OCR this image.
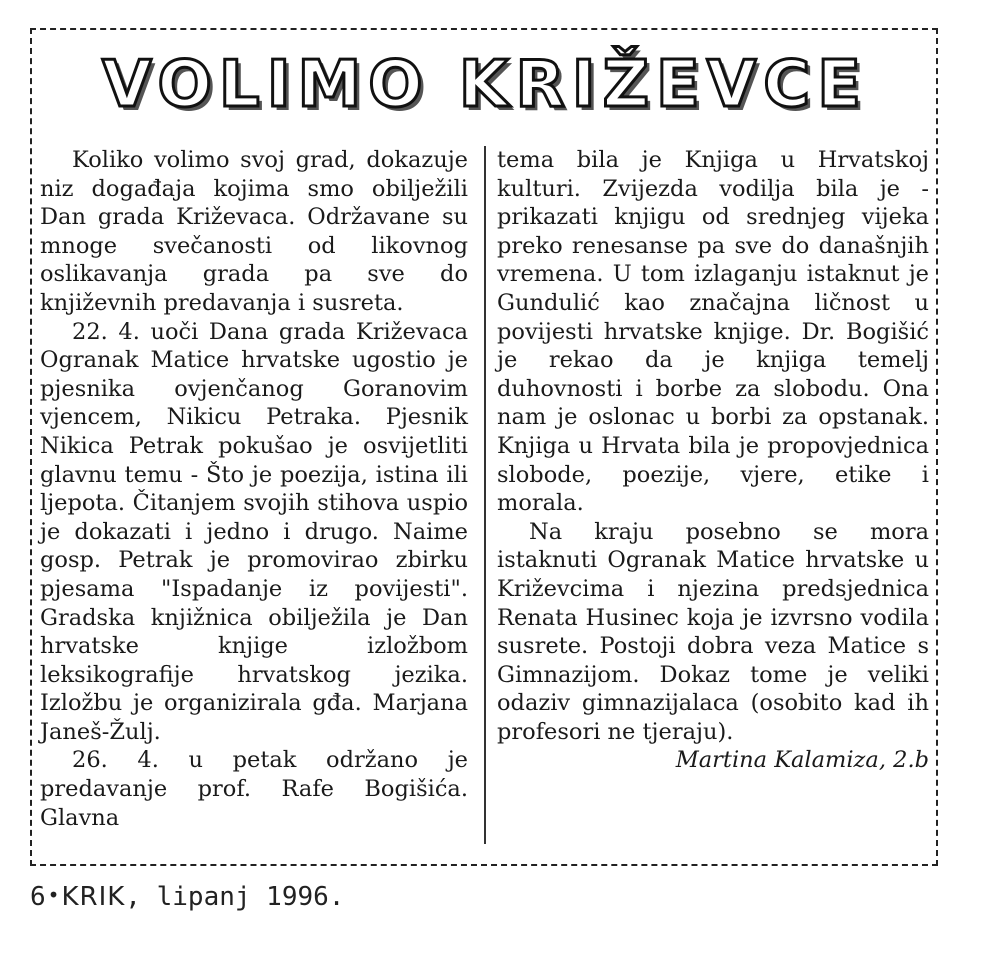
VOLIMO KRIŽEVCE

Koliko volimo svoj grad, dokazuje niz događaja kojima smo obilježili Dan grada Križevaca. Održavane su mnoge svečanosti od likovnog oslikavanja grada pa sve do književnih predavanja i susreta.

22. 4. uoči Dana grada Križevaca Ogranak Matice hrvatske ugostio je pjesnika ovjenčanog Goranovim vjencem, Nikicu Petraka. Pjesnik Nikica Petrak pokušao je osvijetliti glavnu temu - Što je poezija, istina ili ljepota. Čitanjem svojih stihova uspio je dokazati i jedno i drugo. Naime gosp. Petrak je promovirao zbirku pjesama "Ispadanje iz povijesti". Gradska knjižnica obilježila je Dan hrvatske knjige izložbom leksikografije hrvatskog jezika. Izložbu je organizirala gđa. Marjana Janeš-Žulj.

26. 4. u petak održano je predavanje prof. Rafe Bogišića. Glavna

tema bila je Knjiga u Hrvatskoj kulturi. Zvijezda vodilja bila je - prikazati knjigu od srednjeg vijeka preko renesanse pa sve do današnjih vremena. U tom izlaganju istaknut je Gundulić kao značajna ličnost u povijesti hrvatske knjige. Dr. Bogišić je rekao da je knjiga temelj duhovnosti i borbe za slobodu. Ona nam je oslonac u borbi za opstanak. Knjiga u Hrvata bila je propovjednica slobode, poezije, vjere, etike i morala.

Na kraju posebno se mora istaknuti Ogranak Matice hrvatske u Križevcima i njezina predsjednica Renata Husinec koja je izvrsno vodila susrete. Postoji dobra veza Matice s Gimnazijom. Dokaz tome je veliki odaziv gimnazijalaca (osobito kad ih profesori ne tjeraju).

Martina Kalamiza, 2.b

6 •KRIK, lipanj 1996.
